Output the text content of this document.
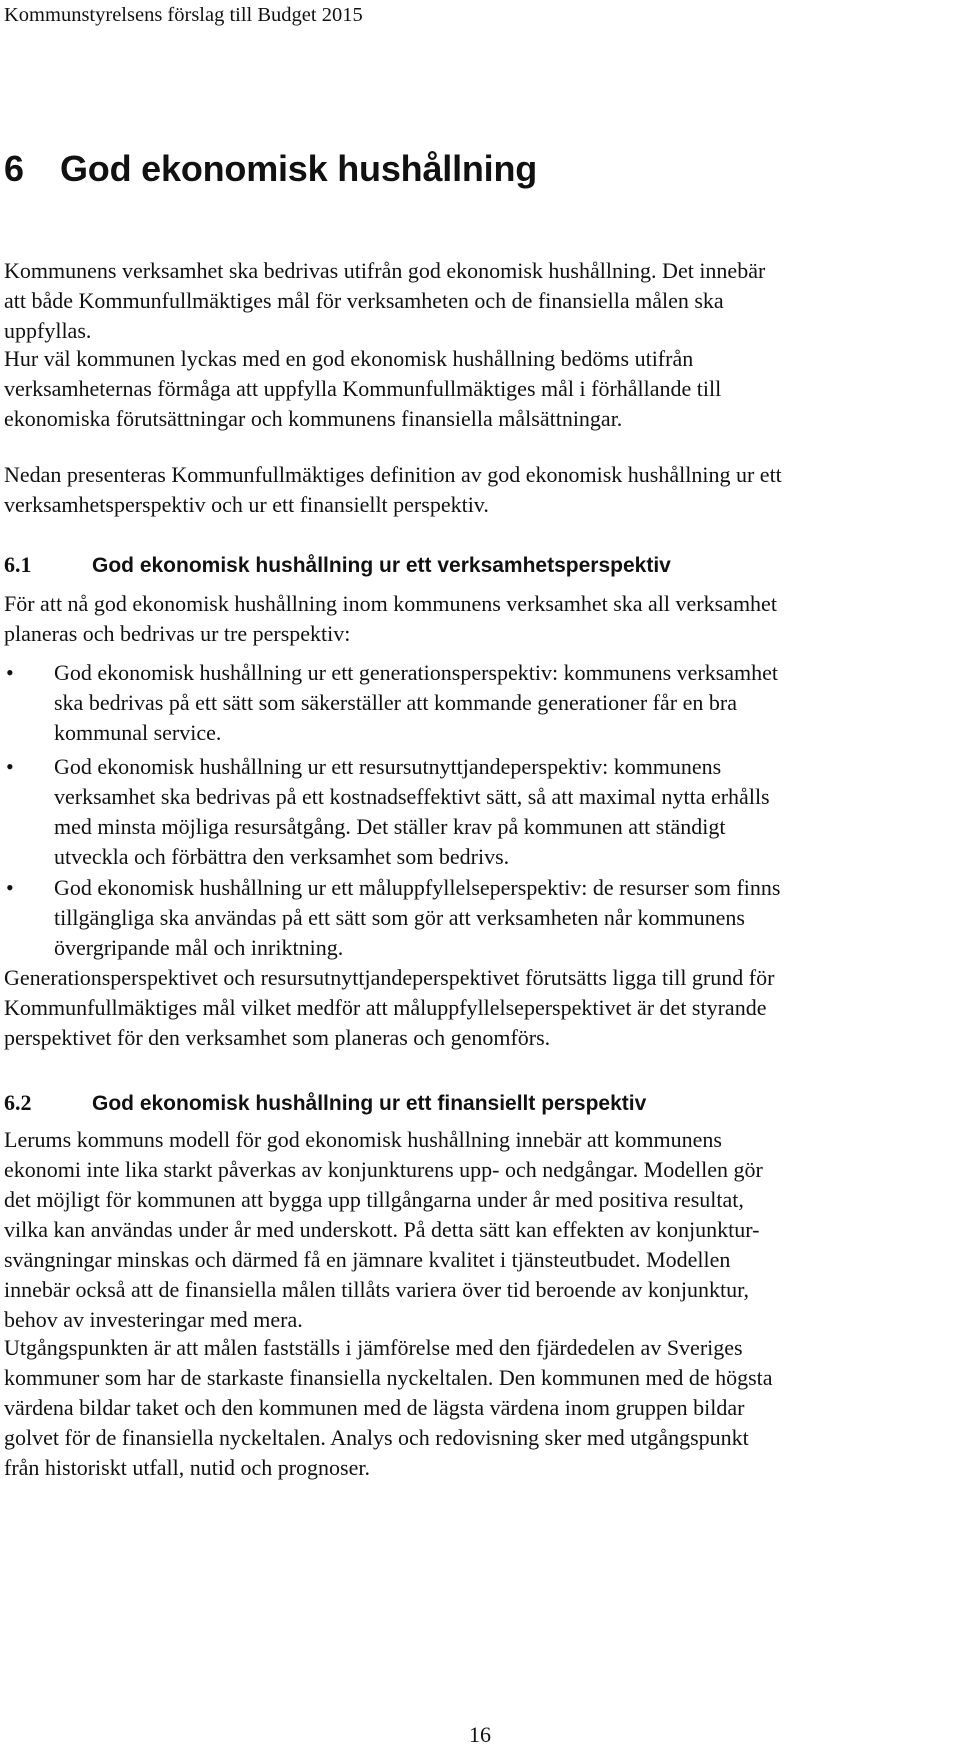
Kommunstyrelsens förslag till Budget 2015
6 God ekonomisk hushållning
Kommunens verksamhet ska bedrivas utifrån god ekonomisk hushållning. Det innebär
att både Kommunfullmäktiges mål för verksamheten och de finansiella målen ska
uppfyllas.
Hur väl kommunen lyckas med en god ekonomisk hushållning bedöms utifrån
verksamheternas förmåga att uppfylla Kommunfullmäktiges mål i förhållande till
ekonomiska förutsättningar och kommunens finansiella målsättningar.
Nedan presenteras Kommunfullmäktiges definition av god ekonomisk hushållning ur ett
verksamhetsperspektiv och ur ett finansiellt perspektiv.
6.1	God ekonomisk hushållning ur ett verksamhetsperspektiv
För att nå god ekonomisk hushållning inom kommunens verksamhet ska all verksamhet
planeras och bedrivas ur tre perspektiv:
• God ekonomisk hushållning ur ett generationsperspektiv: kommunens verksamhet
ska bedrivas på ett sätt som säkerställer att kommande generationer får en bra
kommunal service.
• God ekonomisk hushållning ur ett resursutnyttjandeperspektiv: kommunens
verksamhet ska bedrivas på ett kostnadseffektivt sätt, så att maximal nytta erhålls
med minsta möjliga resursåtgång. Det ställer krav på kommunen att ständigt
utveckla och förbättra den verksamhet som bedrivs.
• God ekonomisk hushållning ur ett måluppfyllelseperspektiv: de resurser som finns
tillgängliga ska användas på ett sätt som gör att verksamheten når kommunens
övergripande mål och inriktning.
Generationsperspektivet och resursutnyttjandeperspektivet förutsätts ligga till grund för
Kommunfullmäktiges mål vilket medför att måluppfyllelseperspektivet är det styrande
perspektivet för den verksamhet som planeras och genomförs.
6.2	God ekonomisk hushållning ur ett finansiellt perspektiv
Lerums kommuns modell för god ekonomisk hushållning innebär att kommunens
ekonomi inte lika starkt påverkas av konjunkturens upp- och nedgångar. Modellen gör
det möjligt för kommunen att bygga upp tillgångarna under år med positiva resultat,
vilka kan användas under år med underskott. På detta sätt kan effekten av konjunktur-
svängningar minskas och därmed få en jämnare kvalitet i tjänsteutbudet. Modellen
innebär också att de finansiella målen tillåts variera över tid beroende av konjunktur,
behov av investeringar med mera.
Utgångspunkten är att målen fastställs i jämförelse med den fjärdedelen av Sveriges
kommuner som har de starkaste finansiella nyckeltalen. Den kommunen med de högsta
värdena bildar taket och den kommunen med de lägsta värdena inom gruppen bildar
golvet för de finansiella nyckeltalen. Analys och redovisning sker med utgångspunkt
från historiskt utfall, nutid och prognoser.
16
